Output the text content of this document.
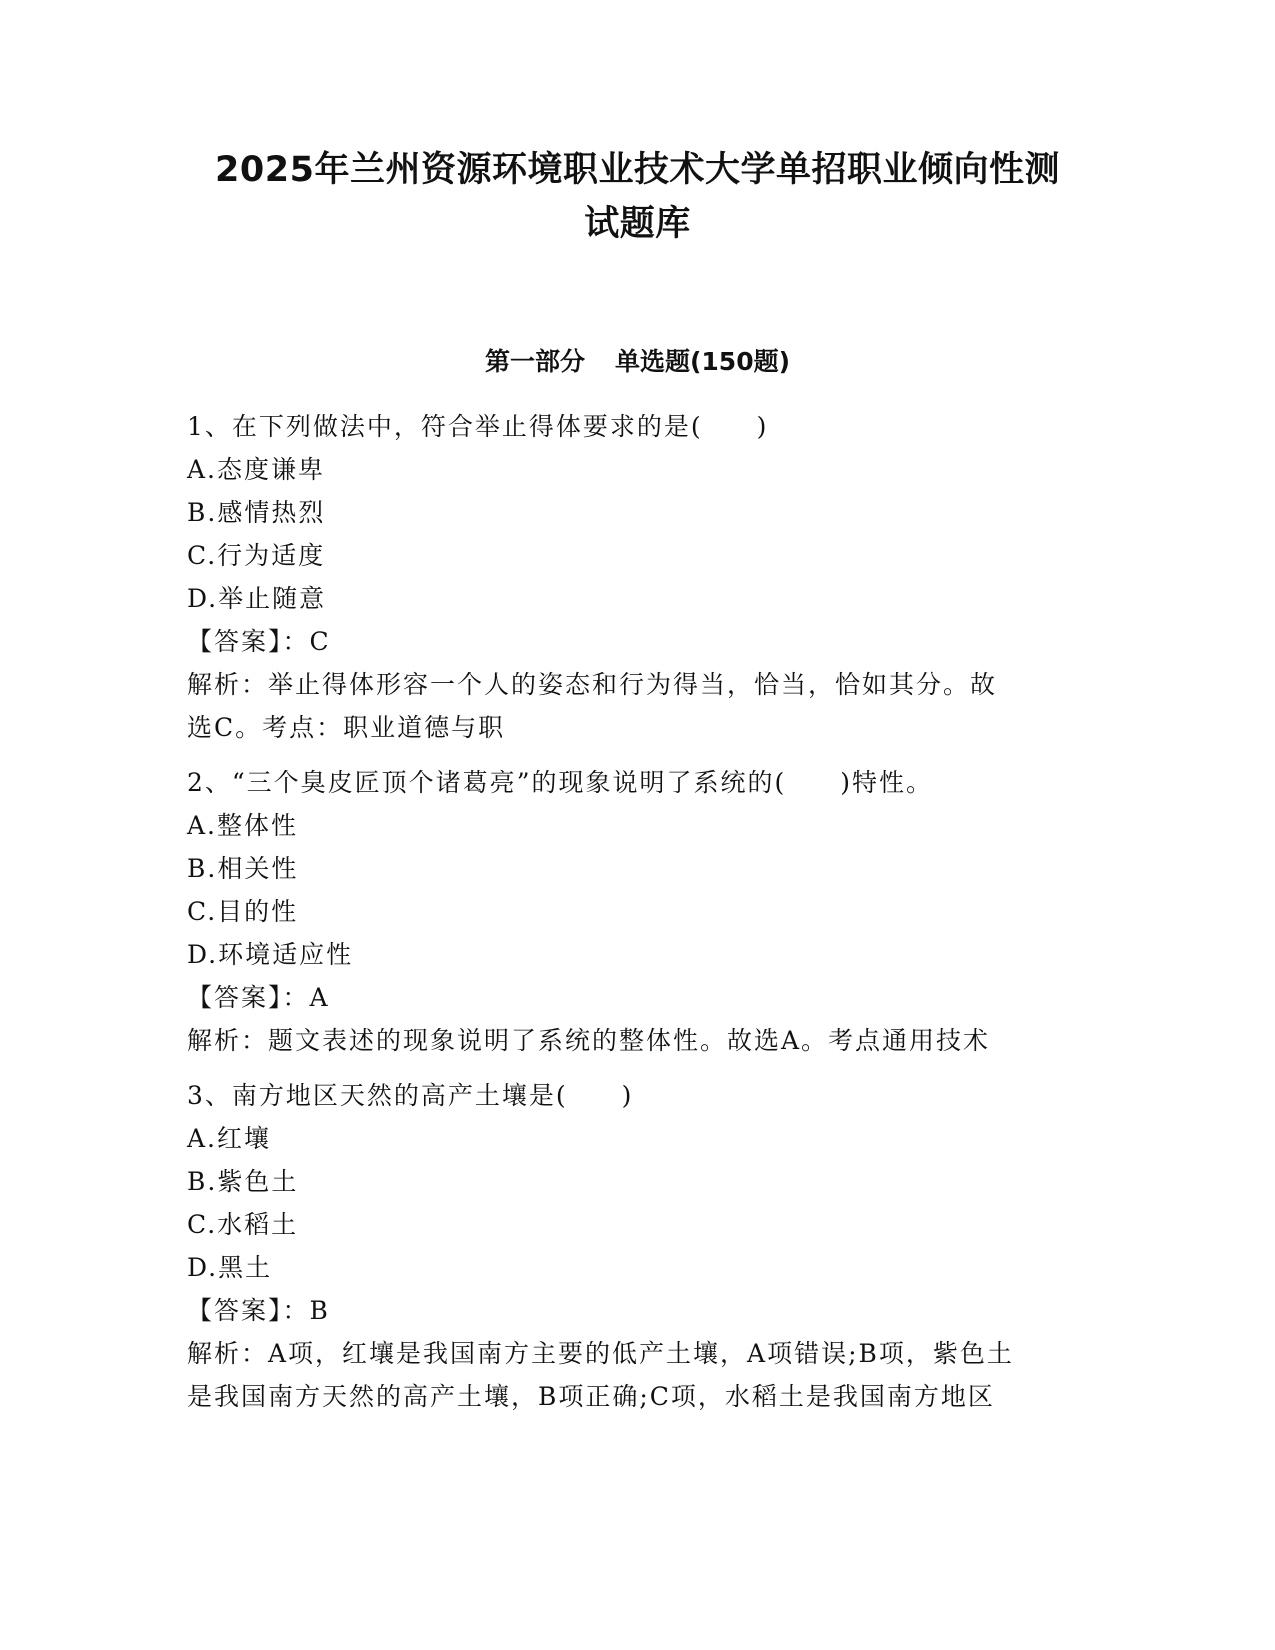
2025年兰州资源环境职业技术大学单招职业倾向性测
试题库
第一部分 单选题(150题)
1、在下列做法中，符合举止得体要求的是(　　)
A.态度谦卑
B.感情热烈
C.行为适度
D.举止随意
【答案】：C
解析：举止得体形容一个人的姿态和行为得当，恰当，恰如其分。故
选C。考点：职业道德与职
2、“三个臭皮匠顶个诸葛亮”的现象说明了系统的(　　)特性。
A.整体性
B.相关性
C.目的性
D.环境适应性
【答案】：A
解析：题文表述的现象说明了系统的整体性。故选A。考点通用技术
3、南方地区天然的高产土壤是(　　)
A.红壤
B.紫色土
C.水稻土
D.黑土
【答案】：B
解析：A项，红壤是我国南方主要的低产土壤，A项错误;B项，紫色土
是我国南方天然的高产土壤，B项正确;C项，水稻土是我国南方地区
